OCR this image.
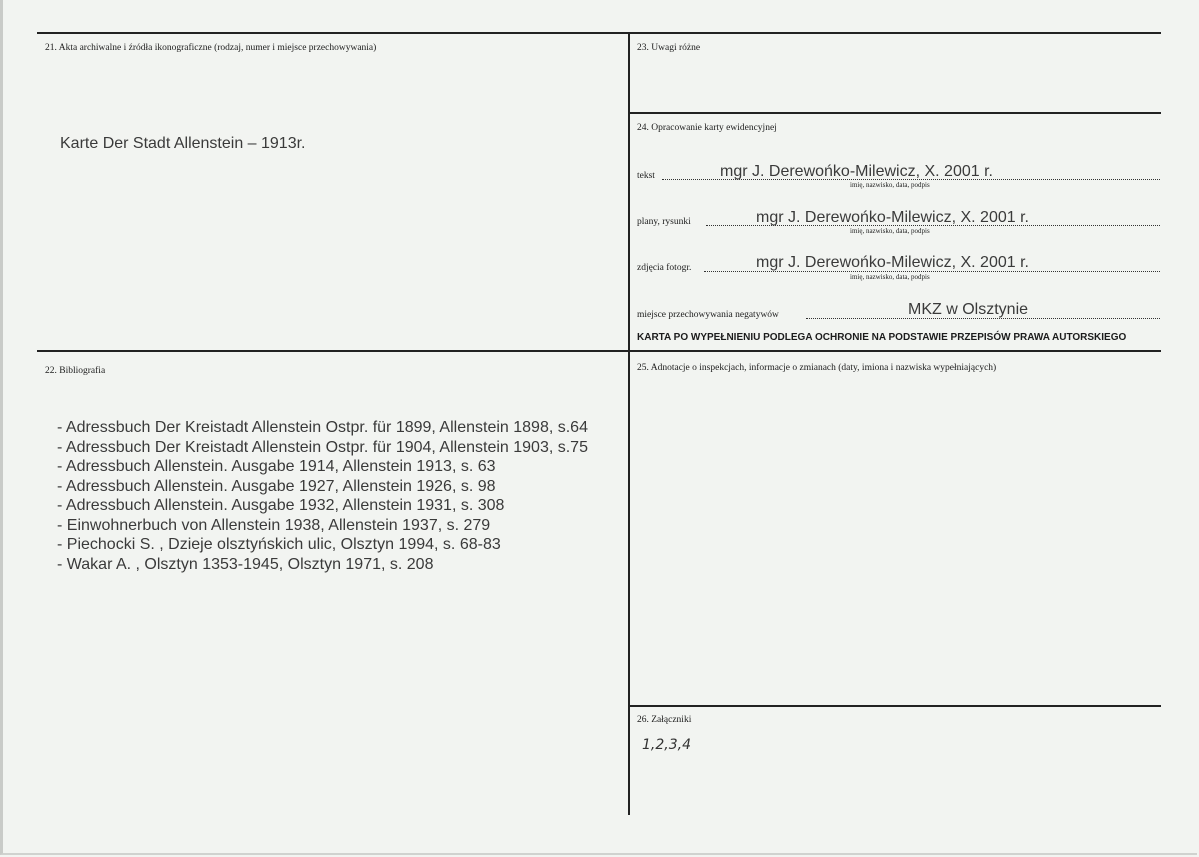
21. Akta archiwalne i źródła ikonograficzne (rodzaj, numer i miejsce przechowywania)
Karte Der Stadt Allenstein – 1913r.
23. Uwagi różne
24. Opracowanie karty ewidencyjnej
tekst	mgr J. Derewońko-Milewicz, X. 2001 r.
imię, nazwisko, data, podpis
plany, rysunki	mgr J. Derewońko-Milewicz, X. 2001 r.
imię, nazwisko, data, podpis
zdjęcia fotogr.	mgr J. Derewońko-Milewicz, X. 2001 r.
imię, nazwisko, data, podpis
miejsce przechowywania negatywów	MKZ w Olsztynie
KARTA PO WYPEŁNIENIU PODLEGA OCHRONIE NA PODSTAWIE PRZEPISÓW PRAWA AUTORSKIEGO
22. Bibliografia
- Adressbuch Der Kreistadt Allenstein Ostpr. für 1899, Allenstein 1898, s.64
- Adressbuch Der Kreistadt Allenstein Ostpr. für 1904, Allenstein 1903, s.75
- Adressbuch Allenstein. Ausgabe 1914, Allenstein 1913, s. 63
- Adressbuch Allenstein. Ausgabe 1927, Allenstein 1926, s. 98
- Adressbuch Allenstein. Ausgabe 1932, Allenstein 1931, s. 308
- Einwohnerbuch von Allenstein 1938, Allenstein 1937, s. 279
- Piechocki S. , Dzieje olsztyńskich ulic, Olsztyn 1994, s. 68-83
- Wakar A. , Olsztyn 1353-1945, Olsztyn 1971, s. 208
25. Adnotacje o inspekcjach, informacje o zmianach (daty, imiona i nazwiska wypełniających)
26. Załączniki
1,2,3,4
